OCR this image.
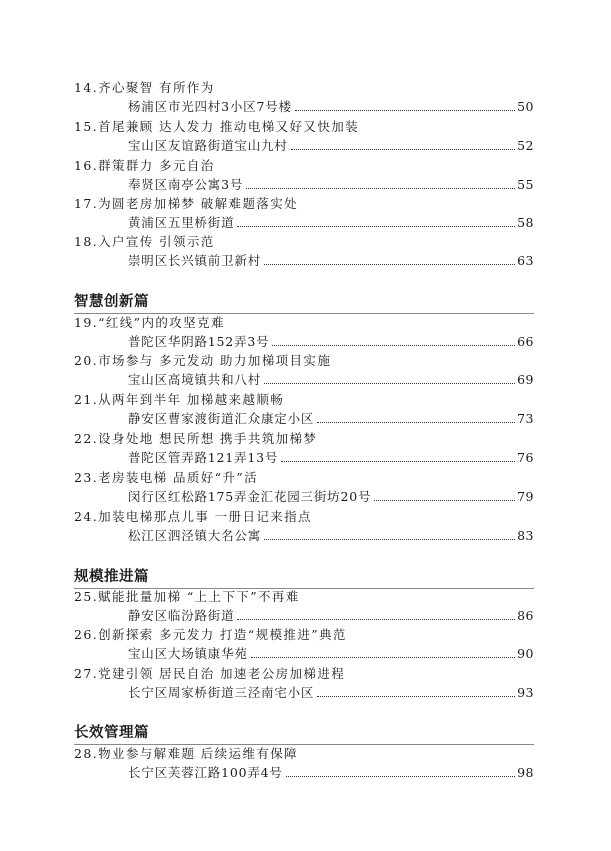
14.齐心聚智 有所作为
杨浦区市光四村3小区7号楼	50
15.首尾兼顾 达人发力 推动电梯又好又快加装
宝山区友谊路街道宝山九村	52
16.群策群力 多元自治
奉贤区南亭公寓3号	55
17.为圆老房加梯梦 破解难题落实处
黄浦区五里桥街道	58
18.入户宣传 引领示范
崇明区长兴镇前卫新村	63
智慧创新篇
19.“红线”内的攻坚克难
普陀区华阴路152弄3号	66
20.市场参与 多元发动 助力加梯项目实施
宝山区高境镇共和八村	69
21.从两年到半年 加梯越来越顺畅
静安区曹家渡街道汇众康定小区	73
22.设身处地 想民所想 携手共筑加梯梦
普陀区管弄路121弄13号	76
23.老房装电梯 品质好“升”活
闵行区红松路175弄金汇花园三街坊20号	79
24.加装电梯那点儿事 一册日记来指点
松江区泗泾镇大名公寓	83
规模推进篇
25.赋能批量加梯 “上上下下”不再难
静安区临汾路街道	86
26.创新探索 多元发力 打造“规模推进”典范
宝山区大场镇康华苑	90
27.党建引领 居民自治 加速老公房加梯进程
长宁区周家桥街道三泾南宅小区	93
长效管理篇
28.物业参与解难题 后续运维有保障
长宁区芙蓉江路100弄4号	98
